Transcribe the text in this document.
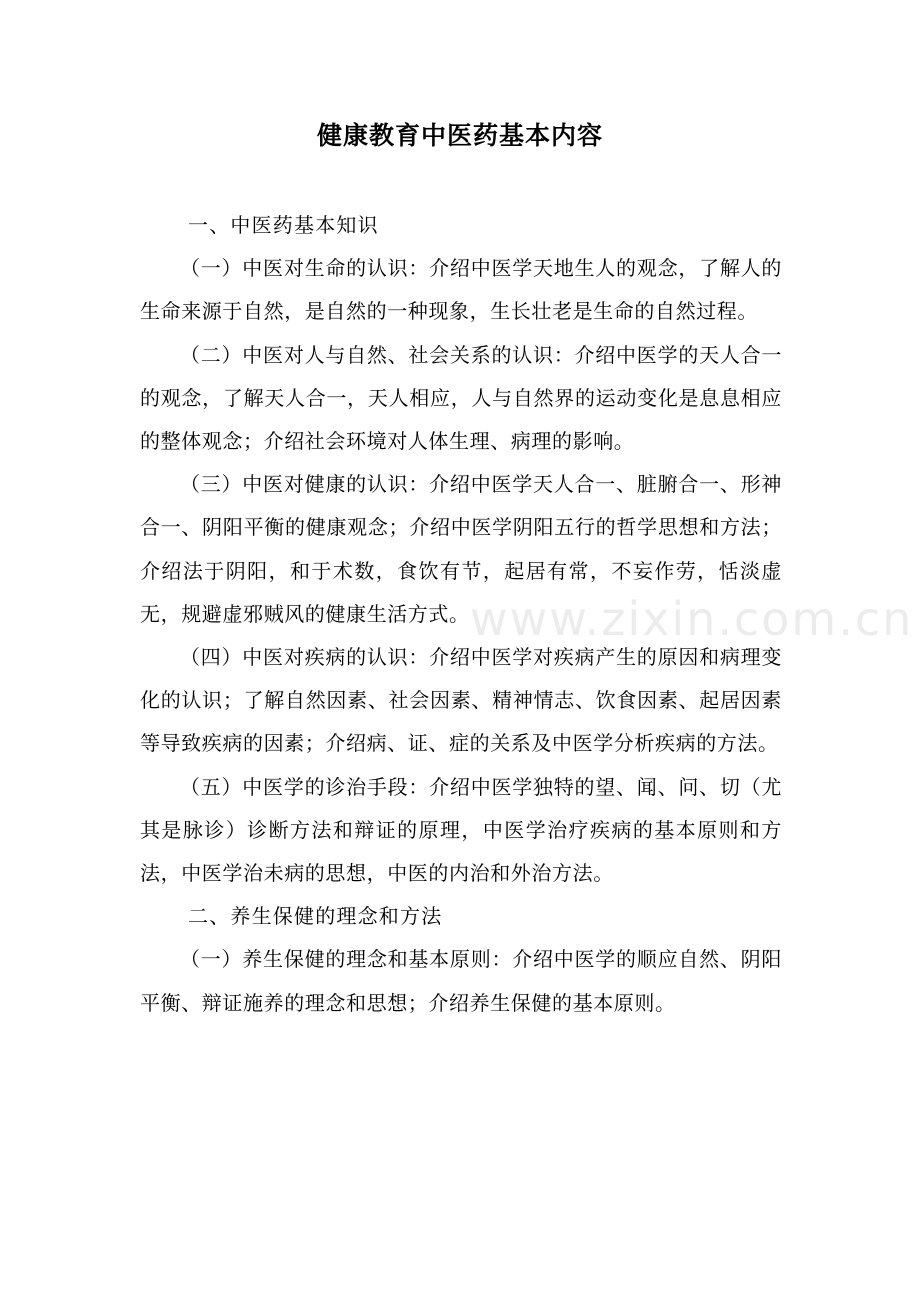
健康教育中医药基本内容

一、中医药基本知识

（一）中医对生命的认识：介绍中医学天地生人的观念，了解人的生命来源于自然，是自然的一种现象，生长壮老是生命的自然过程。

（二）中医对人与自然、社会关系的认识：介绍中医学的天人合一的观念，了解天人合一，天人相应，人与自然界的运动变化是息息相应的整体观念；介绍社会环境对人体生理、病理的影响。

（三）中医对健康的认识：介绍中医学天人合一、脏腑合一、形神合一、阴阳平衡的健康观念；介绍中医学阴阳五行的哲学思想和方法；介绍法于阴阳，和于术数，食饮有节，起居有常，不妄作劳，恬淡虚无，规避虚邪贼风的健康生活方式。

（四）中医对疾病的认识：介绍中医学对疾病产生的原因和病理变化的认识；了解自然因素、社会因素、精神情志、饮食因素、起居因素等导致疾病的因素；介绍病、证、症的关系及中医学分析疾病的方法。

（五）中医学的诊治手段：介绍中医学独特的望、闻、问、切（尤其是脉诊）诊断方法和辩证的原理，中医学治疗疾病的基本原则和方法，中医学治未病的思想，中医的内治和外治方法。

二、养生保健的理念和方法

（一）养生保健的理念和基本原则：介绍中医学的顺应自然、阴阳平衡、辩证施养的理念和思想；介绍养生保健的基本原则。

www.zixin.com.cn
